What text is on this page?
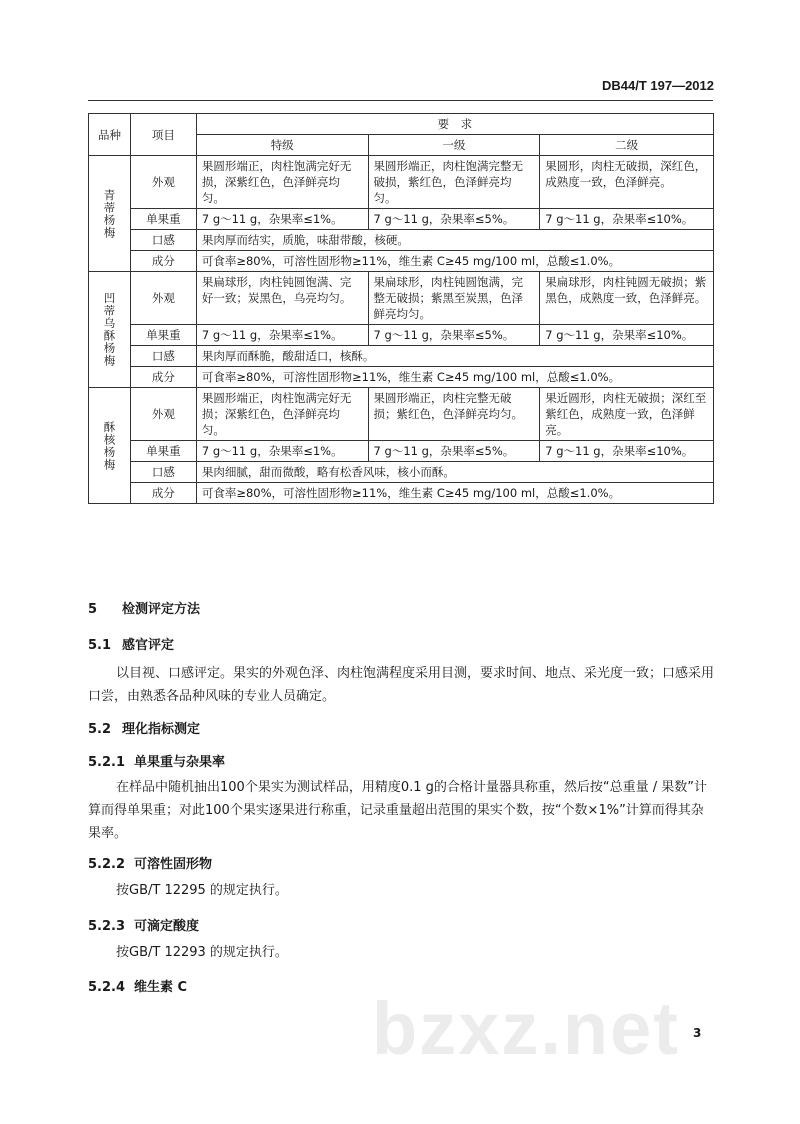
DB44/T 197—2012
品种	项目	要　求		
		特级	一级	二级

青蒂杨梅	外观	果圆形端正，肉柱饱满完好无损，深紫红色，色泽鲜亮均匀。	果圆形端正，肉柱饱满完整无破损，紫红色，色泽鲜亮均匀。	果圆形，肉柱无破损，深红色，成熟度一致，色泽鲜亮。
	单果重	7 g～11 g，杂果率≤1%。	7 g～11 g，杂果率≤5%。	7 g～11 g，杂果率≤10%。
	口感	果肉厚而结实，质脆，味甜带酸，核硬。		
	成分	可食率≥80%，可溶性固形物≥11%，维生素 C≥45 mg/100 ml，总酸≤1.0%。		

凹蒂乌酥杨梅	外观	果扁球形，肉柱钝圆饱满、完好一致；炭黑色，乌亮均匀。	果扁球形，肉柱钝圆饱满，完整无破损；紫黑至炭黑，色泽鲜亮均匀。	果扁球形，肉柱钝圆无破损；紫黑色，成熟度一致，色泽鲜亮。
	单果重	7 g～11 g，杂果率≤1%。	7 g～11 g，杂果率≤5%。	7 g～11 g，杂果率≤10%。
	口感	果肉厚而酥脆，酸甜适口，核酥。		
	成分	可食率≥80%，可溶性固形物≥11%，维生素 C≥45 mg/100 ml，总酸≤1.0%。		

酥核杨梅	外观	果圆形端正，肉柱饱满完好无损；深紫红色，色泽鲜亮均匀。	果圆形端正，肉柱完整无破损；紫红色，色泽鲜亮均匀。	果近圆形，肉柱无破损；深红至紫红色，成熟度一致，色泽鲜亮。
	单果重	7 g～11 g，杂果率≤1%。	7 g～11 g，杂果率≤5%。	7 g～11 g，杂果率≤10%。
	口感	果肉细腻，甜而微酸，略有松香风味，核小而酥。		
	成分	可食率≥80%，可溶性固形物≥11%，维生素 C≥45 mg/100 ml，总酸≤1.0%。		
5 检测评定方法
5.1 感官评定

以目视、口感评定。果实的外观色泽、肉柱饱满程度采用目测，要求时间、地点、采光度一致；口感采用口尝，由熟悉各品种风味的专业人员确定。

5.2 理化指标测定
5.2.1 单果重与杂果率

在样品中随机抽出100个果实为测试样品，用精度0.1 g的合格计量器具称重，然后按“总重量 / 果数”计算而得单果重；对此100个果实逐果进行称重，记录重量超出范围的果实个数，按“个数×1%”计算而得其杂果率。

5.2.2 可溶性固形物

按GB/T 12295 的规定执行。

5.2.3 可滴定酸度

按GB/T 12293 的规定执行。

5.2.4 维生素 C bzxz.net 3
